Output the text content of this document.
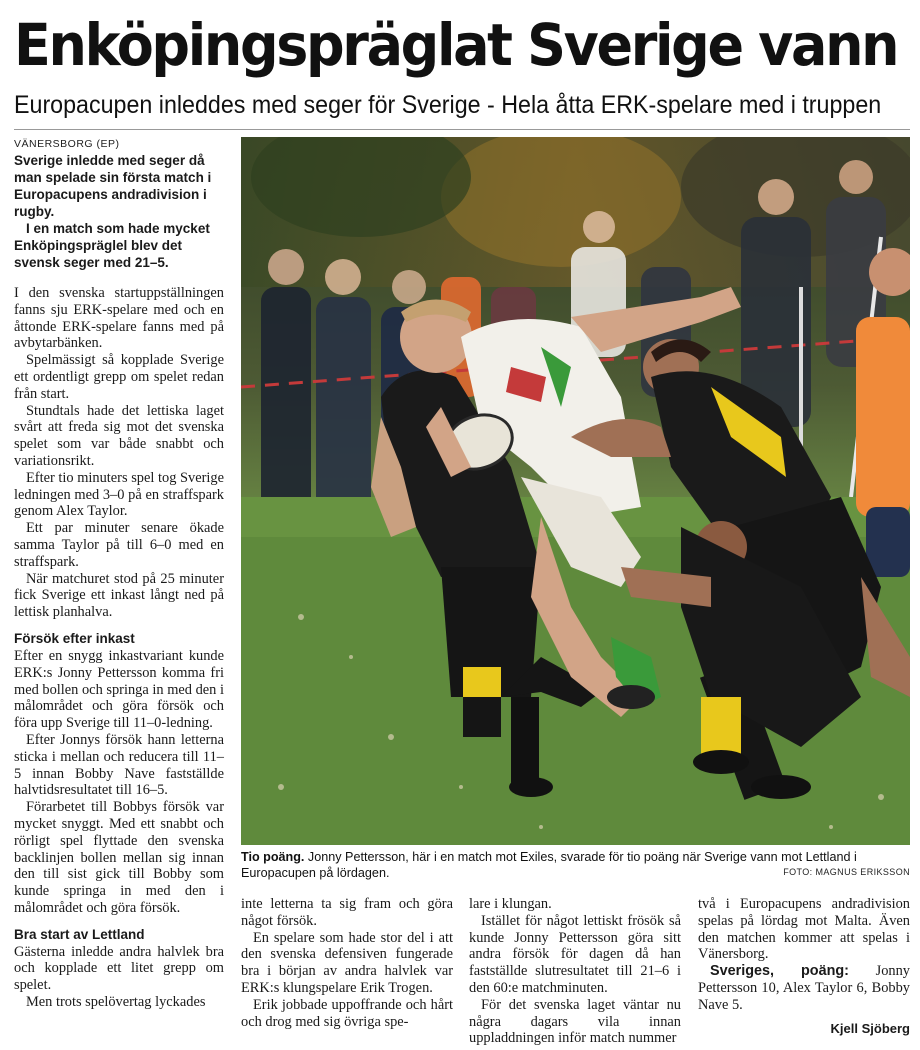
Enköpingspräglat Sverige vann
Europacupen inleddes med seger för Sverige - Hela åtta ERK-spelare med i truppen
VÄNERSBORG (EP)

Sverige inledde med seger då man spelade sin första match i Europacupens andradivision i rugby.

I en match som hade mycket Enköpingspräglel blev det svensk seger med 21–5.

I den svenska startuppställningen fanns sju ERK-spelare med och en åttonde ERK-spelare fanns med på avbytarbänken.

Spelmässigt så kopplade Sverige ett ordentligt grepp om spelet redan från start.

Stundtals hade det lettiska laget svårt att freda sig mot det svenska spelet som var både snabbt och variationsrikt.

Efter tio minuters spel tog Sverige ledningen med 3–0 på en straffspark genom Alex Taylor.

Ett par minuter senare ökade samma Taylor på till 6–0 med en straffspark.

När matchuret stod på 25 minuter fick Sverige ett inkast långt ned på lettisk planhalva.

Försök efter inkast

Efter en snygg inkastvariant kunde ERK:s Jonny Pettersson komma fri med bollen och springa in med den i målområdet och göra försök och föra upp Sverige till 11–0-ledning.

Efter Jonnys försök hann letterna sticka i mellan och reducera till 11–5 innan Bobby Nave fastställde halvtidsresultatet till 16–5.

Förarbetet till Bobbys försök var mycket snyggt. Med ett snabbt och rörligt spel flyttade den svenska backlinjen bollen mellan sig innan den till sist gick till Bobby som kunde springa in med den i målområdet och göra försök.

Bra start av Lettland

Gästerna inledde andra halvlek bra och kopplade ett litet grepp om spelet.

Men trots spelövertag lyckades

Tio poäng. Jonny Pettersson, här i en match mot Exiles, svarade för tio poäng när Sverige vann mot Lettland i Europacupen på lördagen.	FOTO: MAGNUS ERIKSSON

inte letterna ta sig fram och göra något försök.

En spelare som hade stor del i att den svenska defensiven fungerade bra i början av andra halvlek var ERK:s klungspelare Erik Trogen.

Erik jobbade uppoffrande och hårt och drog med sig övriga spe-

lare i klungan.

Istället för något lettiskt frösök så kunde Jonny Pettersson göra sitt andra försök för dagen då han fastställde slutresultatet till 21–6 i den 60:e matchminuten.

För det svenska laget väntar nu några dagars vila innan uppladdningen inför match nummer

två i Europacupens andradivision spelas på lördag mot Malta. Även den matchen kommer att spelas i Vänersborg.

Sveriges, poäng: Jonny Pettersson 10, Alex Taylor 6, Bobby Nave 5.

Kjell Sjöberg
